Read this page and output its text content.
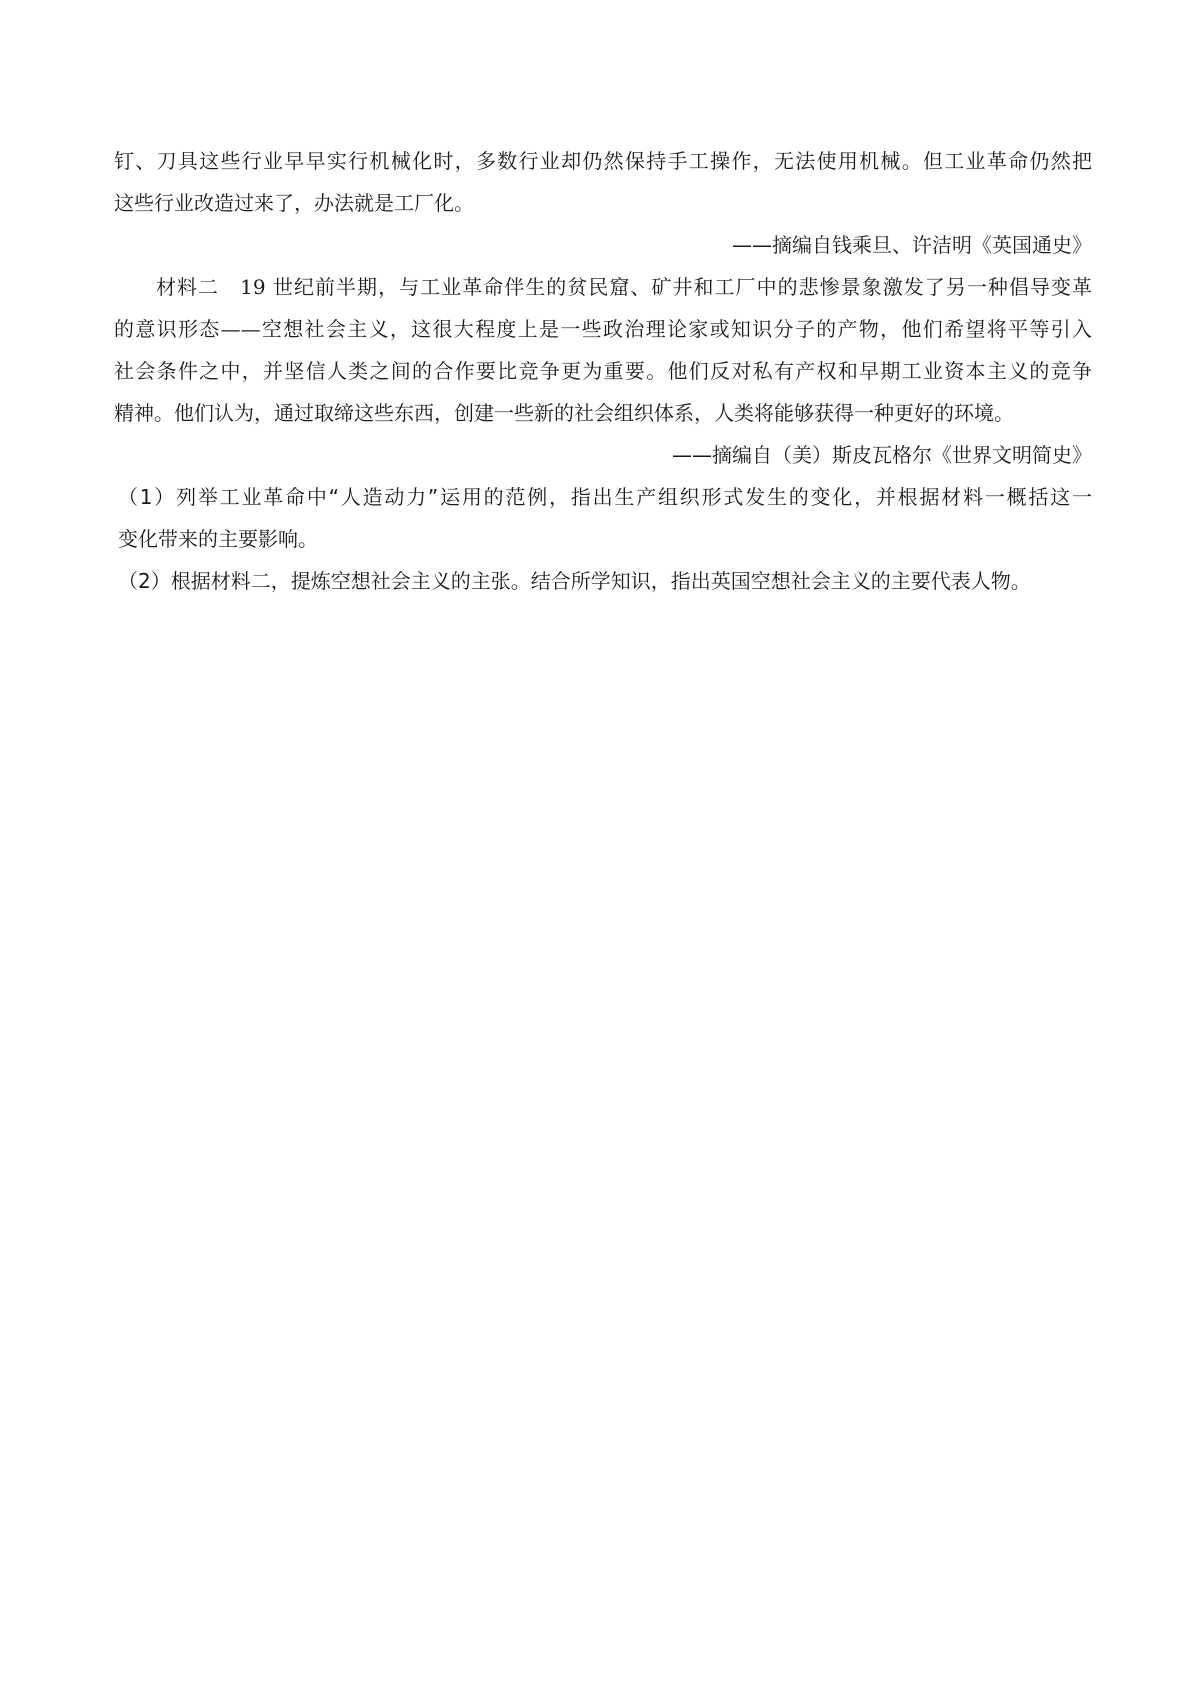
钉、刀具这些行业早早实行机械化时，多数行业却仍然保持手工操作，无法使用机械。但工业革命仍然把
这些行业改造过来了，办法就是工厂化。
——摘编自钱乘旦、许洁明《英国通史》
材料二　19 世纪前半期，与工业革命伴生的贫民窟、矿井和工厂中的悲惨景象激发了另一种倡导变革
的意识形态——空想社会主义，这很大程度上是一些政治理论家或知识分子的产物，他们希望将平等引入
社会条件之中，并坚信人类之间的合作要比竞争更为重要。他们反对私有产权和早期工业资本主义的竞争
精神。他们认为，通过取缔这些东西，创建一些新的社会组织体系，人类将能够获得一种更好的环境。
——摘编自（美）斯皮瓦格尔《世界文明简史》
（1）列举工业革命中“人造动力”运用的范例，指出生产组织形式发生的变化，并根据材料一概括这一
变化带来的主要影响。
（2）根据材料二，提炼空想社会主义的主张。结合所学知识，指出英国空想社会主义的主要代表人物。
